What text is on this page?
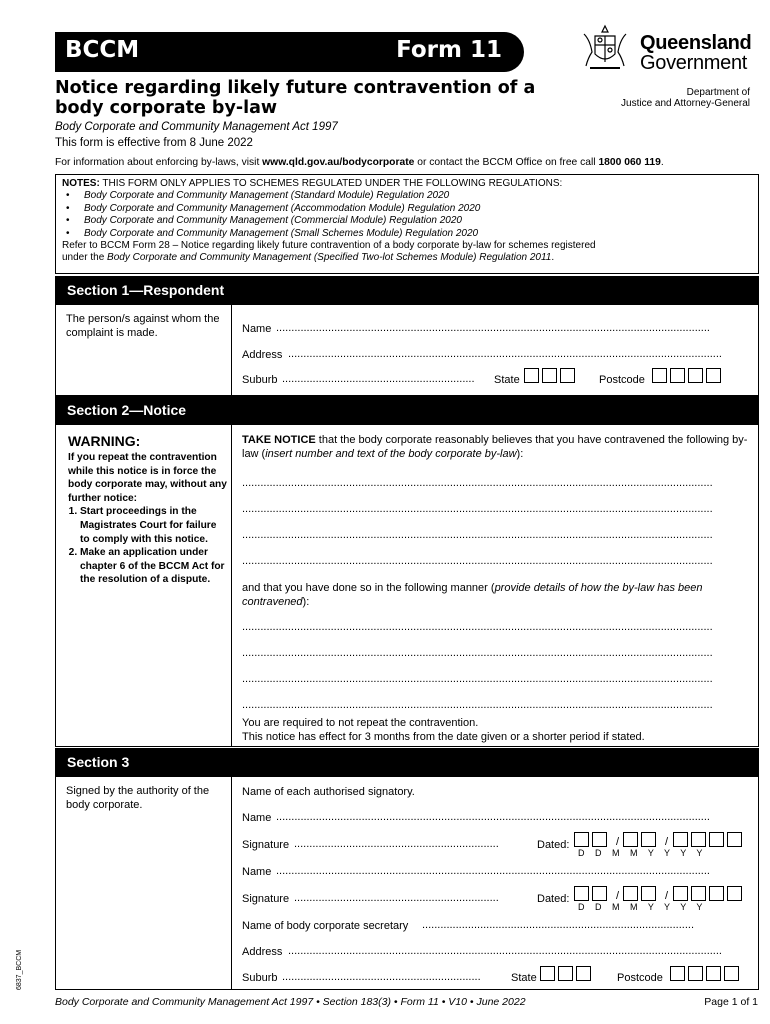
BCCM	Form 11	Queensland
Government
Department of
Justice and Attorney-General
Notice regarding likely future contravention of a body corporate by-law
Body Corporate and Community Management Act 1997
This form is effective from 8 June 2022
For information about enforcing by-laws, visit www.qld.gov.au/bodycorporate or contact the BCCM Office on free call 1800 060 119.
NOTES: THIS FORM ONLY APPLIES TO SCHEMES REGULATED UNDER THE FOLLOWING REGULATIONS:
• Body Corporate and Community Management (Standard Module) Regulation 2020
• Body Corporate and Community Management (Accommodation Module) Regulation 2020
• Body Corporate and Community Management (Commercial Module) Regulation 2020
• Body Corporate and Community Management (Small Schemes Module) Regulation 2020
Refer to BCCM Form 28 – Notice regarding likely future contravention of a body corporate by-law for schemes registered
under the Body Corporate and Community Management (Specified Two-lot Schemes Module) Regulation 2011.
Section 1—Respondent
The person/s against whom the complaint is made.	Name ..............................................................................................................................................
Address ..............................................................................................................................................
Suburb ...............................................................	State	Postcode
Section 2—Notice
WARNING:
If you repeat the contravention while this notice is in force the body corporate may, without any further notice:
1. Start proceedings in the Magistrates Court for failure to comply with this notice.
2. Make an application under chapter 6 of the BCCM Act for the resolution of a dispute.
TAKE NOTICE that the body corporate reasonably believes that you have contravened the following by-law (insert number and text of the body corporate by-law):
..........................................................................................................................................................
..........................................................................................................................................................
..........................................................................................................................................................
..........................................................................................................................................................
and that you have done so in the following manner (provide details of how the by-law has been contravened):
..........................................................................................................................................................
..........................................................................................................................................................
..........................................................................................................................................................
..........................................................................................................................................................
You are required to not repeat the contravention.
This notice has effect for 3 months from the date given or a shorter period if stated.
Section 3
Signed by the authority of the body corporate.
Name of each authorised signatory.
Name ..............................................................................................................................................
Signature ...................................................................	Dated:	/	/
D D M M Y Y Y Y
Name ..............................................................................................................................................
Signature ...................................................................	Dated:	/	/
D D M M Y Y Y Y
Name of body corporate secretary .........................................................................................
Address ..............................................................................................................................................
Suburb .................................................................	State	Postcode
6837_BCCM
Body Corporate and Community Management Act 1997 • Section 183(3) • Form 11 • V10 • June 2022	Page 1 of 1
